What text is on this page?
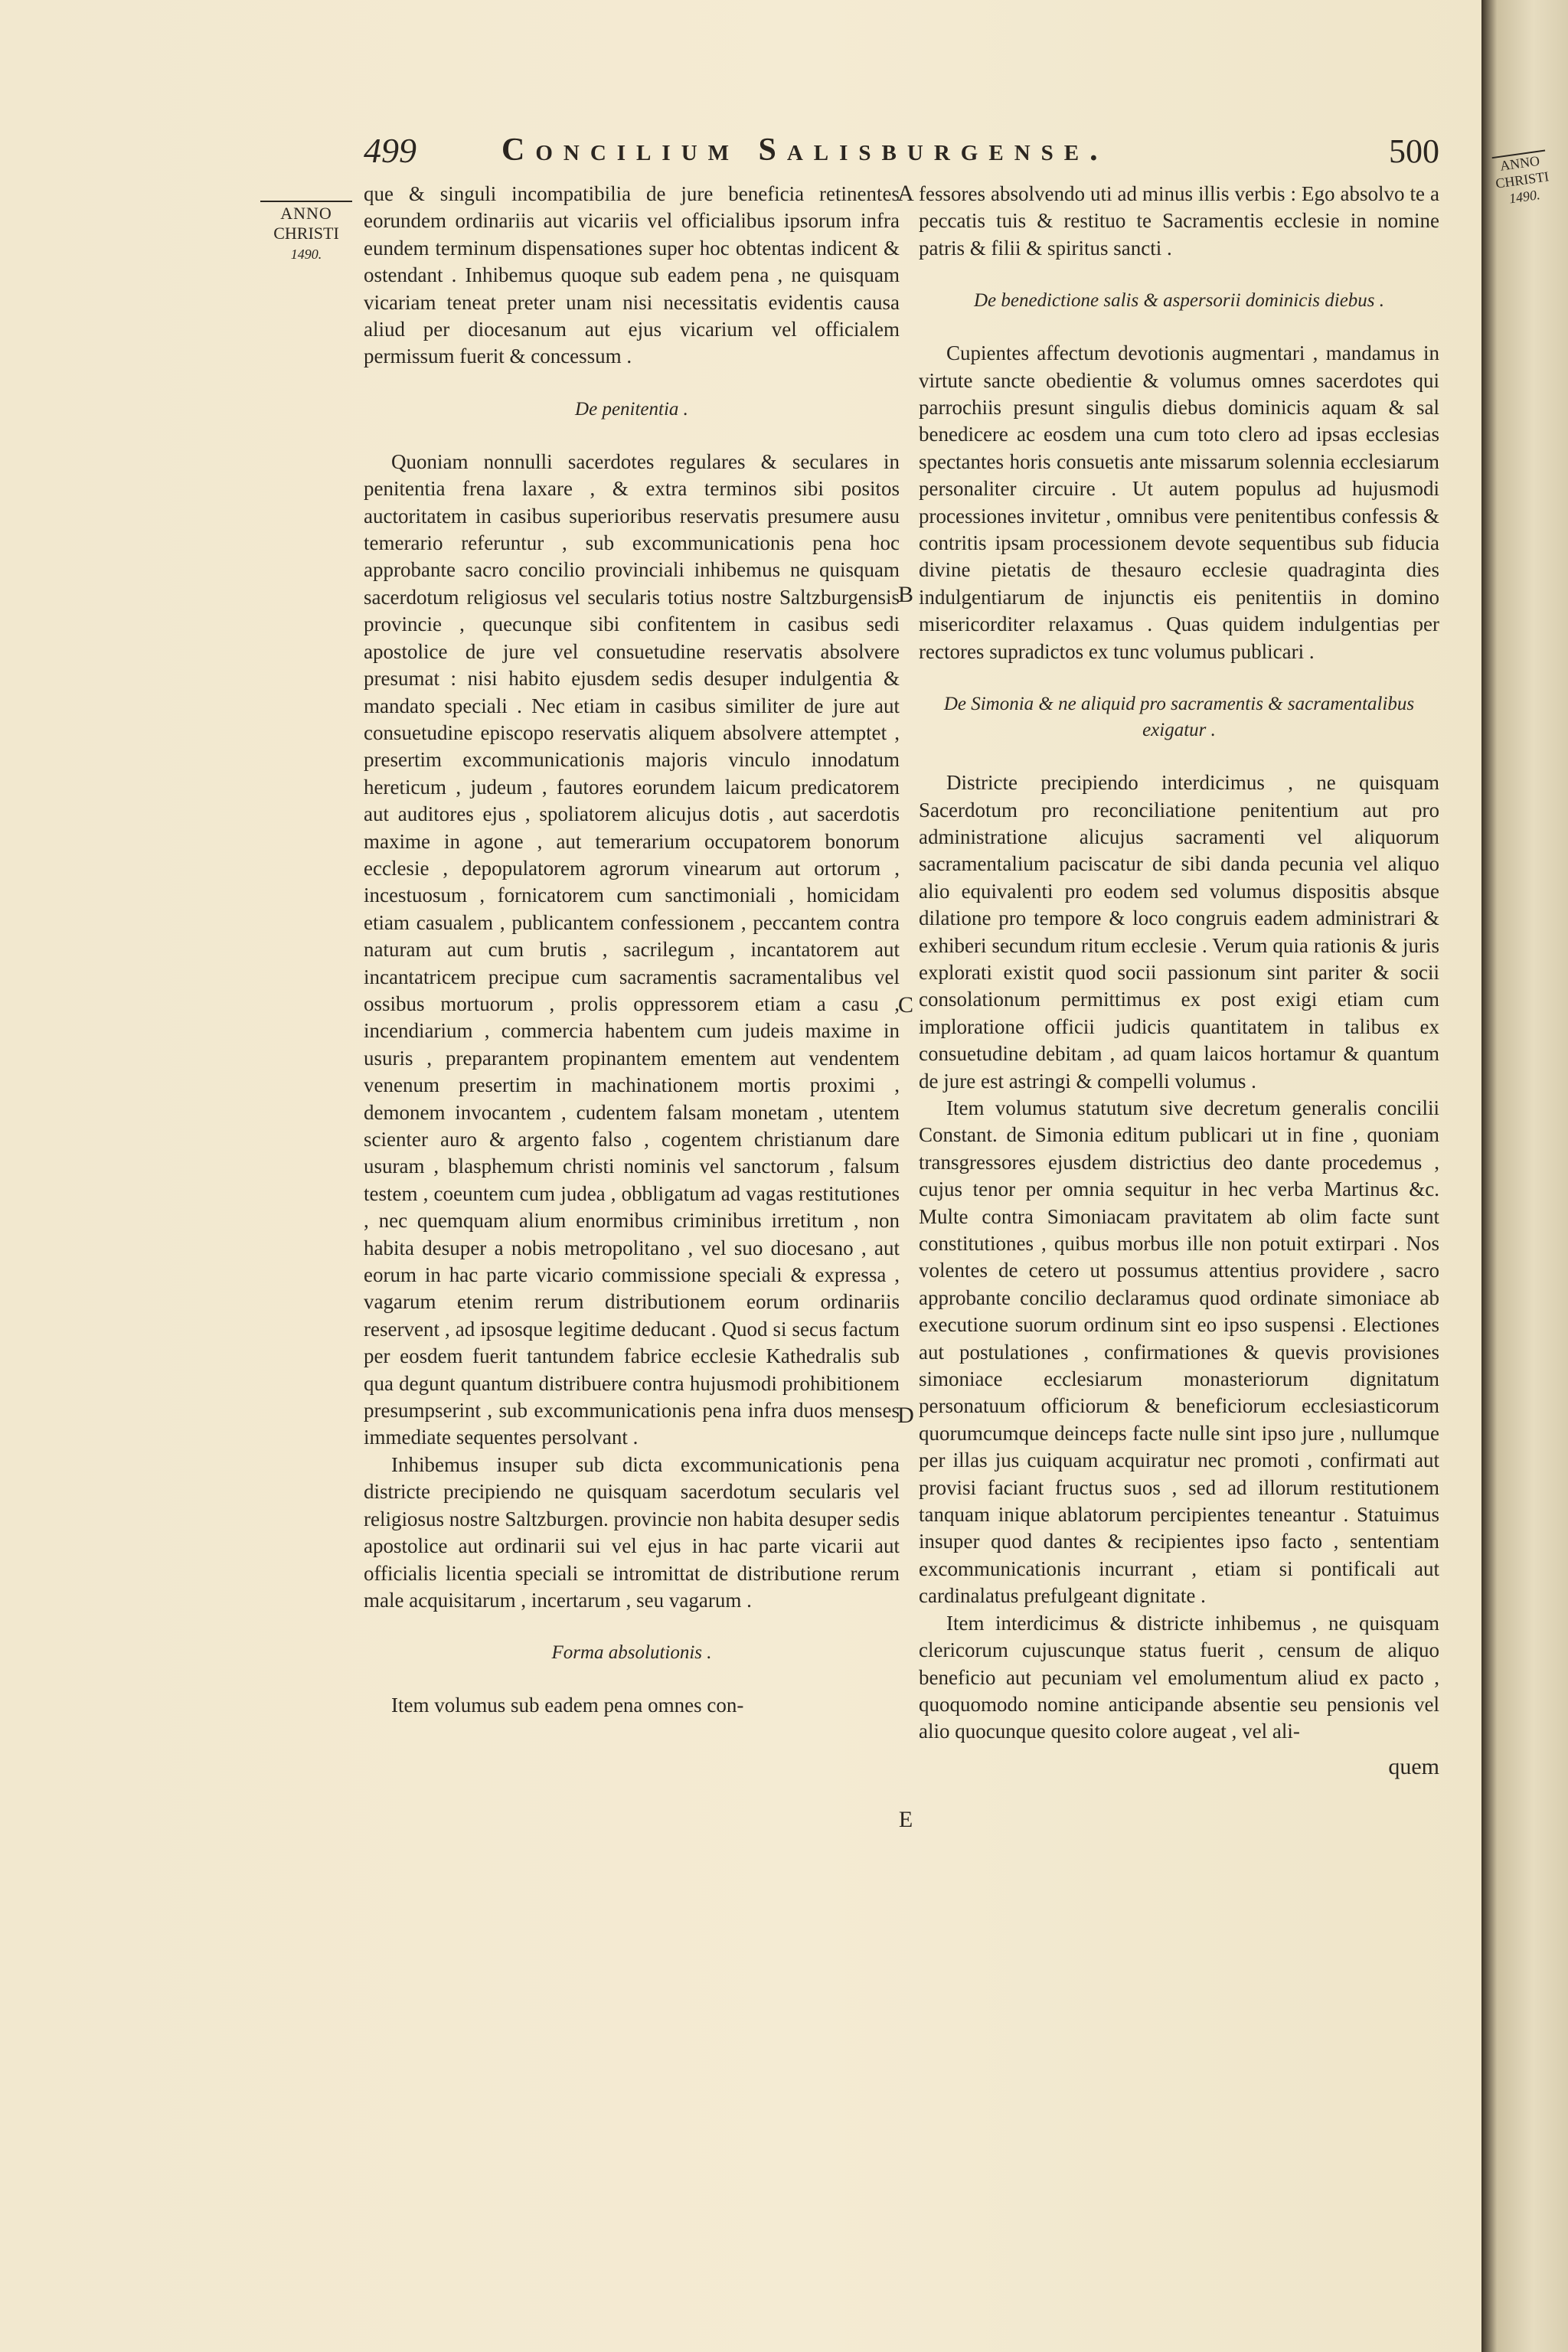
499	Concilium Salisburgense.	500
ANNO
CHRISTI
1490.

que & singuli incompatibilia de jure beneficia retinentes eorundem ordinariis aut vicariis vel officialibus ipsorum infra eundem terminum dispensationes super hoc obtentas indicent & ostendant . Inhibemus quoque sub eadem pena , ne quisquam vicariam teneat preter unam nisi necessitatis evidentis causa aliud per diocesanum aut ejus vicarium vel officialem permissum fuerit & concessum .

De penitentia .

Quoniam nonnulli sacerdotes regulares & seculares in penitentia frena laxare , & extra terminos sibi positos auctoritatem in casibus superioribus reservatis presumere ausu temerario referuntur , sub excommunicationis pena hoc approbante sacro concilio provinciali inhibemus ne quisquam sacerdotum religiosus vel secularis totius nostre Saltzburgensis provincie , quecunque sibi confitentem in casibus sedi apostolice de jure vel consuetudine reservatis absolvere presumat : nisi habito ejusdem sedis desuper indulgentia & mandato speciali . Nec etiam in casibus similiter de jure aut consuetudine episcopo reservatis aliquem absolvere attemptet , presertim excommunicationis majoris vinculo innodatum hereticum , judeum , fautores eorundem laicum predicatorem aut auditores ejus , spoliatorem alicujus dotis , aut sacerdotis maxime in agone , aut temerarium occupatorem bonorum ecclesie , depopulatorem agrorum vinearum aut ortorum , incestuosum , fornicatorem cum sanctimoniali , homicidam etiam casualem , publicantem confessionem , peccantem contra naturam aut cum brutis , sacrilegum , incantatorem aut incantatricem precipue cum sacramentis sacramentalibus vel ossibus mortuorum , prolis oppressorem etiam a casu , incendiarium , commercia habentem cum judeis maxime in usuris , preparantem propinantem ementem aut vendentem venenum presertim in machinationem mortis proximi , demonem invocantem , cudentem falsam monetam , utentem scienter auro & argento falso , cogentem christianum dare usuram , blasphemum christi nominis vel sanctorum , falsum testem , coeuntem cum judea , obbligatum ad vagas restitutiones , nec quemquam alium enormibus criminibus irretitum , non habita desuper a nobis metropolitano , vel suo diocesano , aut eorum in hac parte vicario commissione speciali & expressa , vagarum etenim rerum distributionem eorum ordinariis reservent , ad ipsosque legitime deducant . Quod si secus factum per eosdem fuerit tantundem fabrice ecclesie Kathedralis sub qua degunt quantum distribuere contra hujusmodi prohibitionem presumpserint , sub excommunicationis pena infra duos menses immediate sequentes persolvant .

Inhibemus insuper sub dicta excommunicationis pena districte precipiendo ne quisquam sacerdotum secularis vel religiosus nostre Saltzburgen. provincie non habita desuper sedis apostolice aut ordinarii sui vel ejus in hac parte vicarii aut officialis licentia speciali se intromittat de distributione rerum male acquisitarum , incertarum , seu vagarum .

Forma absolutionis .

Item volumus sub eadem pena omnes con-

fessores absolvendo uti ad minus illis verbis : Ego absolvo te a peccatis tuis & restituo te Sacramentis ecclesie in nomine patris & filii & spiritus sancti .

De benedictione salis & aspersorii dominicis diebus .

Cupientes affectum devotionis augmentari , mandamus in virtute sancte obedientie & volumus omnes sacerdotes qui parrochiis presunt singulis diebus dominicis aquam & sal benedicere ac eosdem una cum toto clero ad ipsas ecclesias spectantes horis consuetis ante missarum solennia ecclesiarum personaliter circuire . Ut autem populus ad hujusmodi processiones invitetur , omnibus vere penitentibus confessis & contritis ipsam processionem devote sequentibus sub fiducia divine pietatis de thesauro ecclesie quadraginta dies indulgentiarum de injunctis eis penitentiis in domino misericorditer relaxamus . Quas quidem indulgentias per rectores supradictos ex tunc volumus publicari .

De Simonia & ne aliquid pro sacramentis & sacramentalibus exigatur .

Districte precipiendo interdicimus , ne quisquam Sacerdotum pro reconciliatione penitentium aut pro administratione alicujus sacramenti vel aliquorum sacramentalium paciscatur de sibi danda pecunia vel aliquo alio equivalenti pro eodem sed volumus dispositis absque dilatione pro tempore & loco congruis eadem administrari & exhiberi secundum ritum ecclesie . Verum quia rationis & juris explorati existit quod socii passionum sint pariter & socii consolationum permittimus ex post exigi etiam cum imploratione officii judicis quantitatem in talibus ex consuetudine debitam , ad quam laicos hortamur & quantum de jure est astringi & compelli volumus .

Item volumus statutum sive decretum generalis concilii Constant. de Simonia editum publicari ut in fine , quoniam transgressores ejusdem districtius deo dante procedemus , cujus tenor per omnia sequitur in hec verba Martinus &c. Multe contra Simoniacam pravitatem ab olim facte sunt constitutiones , quibus morbus ille non potuit extirpari . Nos volentes de cetero ut possumus attentius providere , sacro approbante concilio declaramus quod ordinate simoniace ab executione suorum ordinum sint eo ipso suspensi . Electiones aut postulationes , confirmationes & quevis provisiones simoniace ecclesiarum monasteriorum dignitatum personatuum officiorum & beneficiorum ecclesiasticorum quorumcumque deinceps facte nulle sint ipso jure , nullumque per illas jus cuiquam acquiratur nec promoti , confirmati aut provisi faciant fructus suos , sed ad illorum restitutionem tanquam inique ablatorum percipientes teneantur . Statuimus insuper quod dantes & recipientes ipso facto , sententiam excommunicationis incurrant , etiam si pontificali aut cardinalatus prefulgeant dignitate .

Item interdicimus & districte inhibemus , ne quisquam clericorum cujuscunque status fuerit , censum de aliquo beneficio aut pecuniam vel emolumentum aliud ex pacto , quoquomodo nomine anticipande absentie seu pensionis vel alio quocunque quesito colore augeat , vel ali-

quem
A
B
C
D
E
ANNO
CHRISTI
1490.
